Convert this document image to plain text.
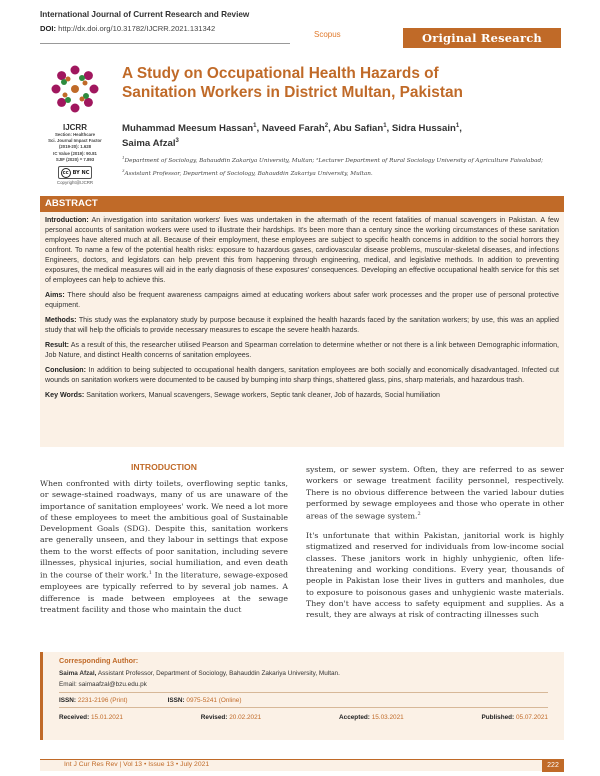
International Journal of Current Research and Review
DOI: http://dx.doi.org/10.31782/IJCRR.2021.131342
Scopus	Original Research
IJCRR
Section: Healthcare
Sci. Journal Impact Factor
(2019-20): 1.628
IC Value (2019): 90.81
SJIF (2020) = 7.893
cc BY NC
Copyright@IJCRR
A Study on Occupational Health Hazards of
Sanitation Workers in District Multan, Pakistan
Muhammad Meesum Hassan$^1$, Naveed Farah$^2$, Abu Safian$^1$, Sidra Hussain$^1$,
Saima Afzal$^3$
$^1$Department of Sociology, Bahauddin Zakariya University, Multan; ²Lecturer Department of Rural Sociology University of Agriculture Faisalabad;
$^3$Assistant Professor, Department of Sociology, Bahauddin Zakariya University, Multan.
ABSTRACT

Introduction: An investigation into sanitation workers' lives was undertaken in the aftermath of the recent fatalities of manual scavengers in Pakistan. A few personal accounts of sanitation workers were used to illustrate their hardships. It's been more than a century since the working circumstances of these sanitation employees have altered much at all. Because of their employment, these employees are subject to specific health concerns in addition to the social horrors they confront. To name a few of the potential health risks: exposure to hazardous gases, cardiovascular disease problems, muscular-skeletal diseases, and infections Engineers, doctors, and legislators can help prevent this from happening through engineering, medical, and legislative methods. In addition to preventing exposures, the medical measures will aid in the early diagnosis of these exposures' consequences. Developing an effective occupational health service for this set of employees can help to achieve this.

Aims: There should also be frequent awareness campaigns aimed at educating workers about safer work processes and the proper use of personal protective equipment.

Methods: This study was the explanatory study by purpose because it explained the health hazards faced by the sanitation workers; by use, this was an applied study that will help the officials to provide necessary measures to escape the severe health hazards.

Result: As a result of this, the researcher utilised Pearson and Spearman correlation to determine whether or not there is a link between Demographic information, Job Nature, and distinct Health concerns of sanitation employees.

Conclusion: In addition to being subjected to occupational health dangers, sanitation employees are both socially and economically disadvantaged. Infected cut wounds on sanitation workers were documented to be caused by bumping into sharp things, shattered glass, pins, sharp materials, and hazardous trash.

Key Words: Sanitation workers, Manual scavengers, Sewage workers, Septic tank cleaner, Job of hazards, Social humiliation

INTRODUCTION

When confronted with dirty toilets, overflowing septic tanks, or sewage-stained roadways, many of us are unaware of the importance of sanitation employees' work. We need a lot more of these employees to meet the ambitious goal of Sustainable Development Goals (SDG). Despite this, sanitation workers are generally unseen, and they labour in settings that expose them to the worst effects of poor sanitation, including severe illnesses, physical injuries, social humiliation, and even death in the course of their work.$^1$ In the literature, sewage-exposed employees are typically referred to by several job names. A difference is made between employees at the sewage treatment facility and those who maintain the duct

system, or sewer system. Often, they are referred to as sewer workers or sewage treatment facility personnel, respectively. There is no obvious difference between the varied labour duties performed by sewage employees and those who operate in other areas of the sewage system.$^2$

It's unfortunate that within Pakistan, janitorial work is highly stigmatized and reserved for individuals from low-income social classes. These janitors work in highly unhygienic, often life-threatening and working conditions. Every year, thousands of people in Pakistan lose their lives in gutters and manholes, due to exposure to poisonous gases and unhygienic waste materials. They don't have access to safety equipment and supplies. As a result, they are always at risk of contracting illnesses such

Corresponding Author:
Saima Afzal, Assistant Professor, Department of Sociology, Bahauddin Zakariya University, Multan.
Email: saimaafzal@bzu.edu.pk
ISSN: 2231-2196 (Print)	ISSN: 0975-5241 (Online)
Received: 15.01.2021	Revised: 20.02.2021	Accepted: 15.03.2021	Published: 05.07.2021
Int J Cur Res Rev | Vol 13 • Issue 13 • July 2021	222
